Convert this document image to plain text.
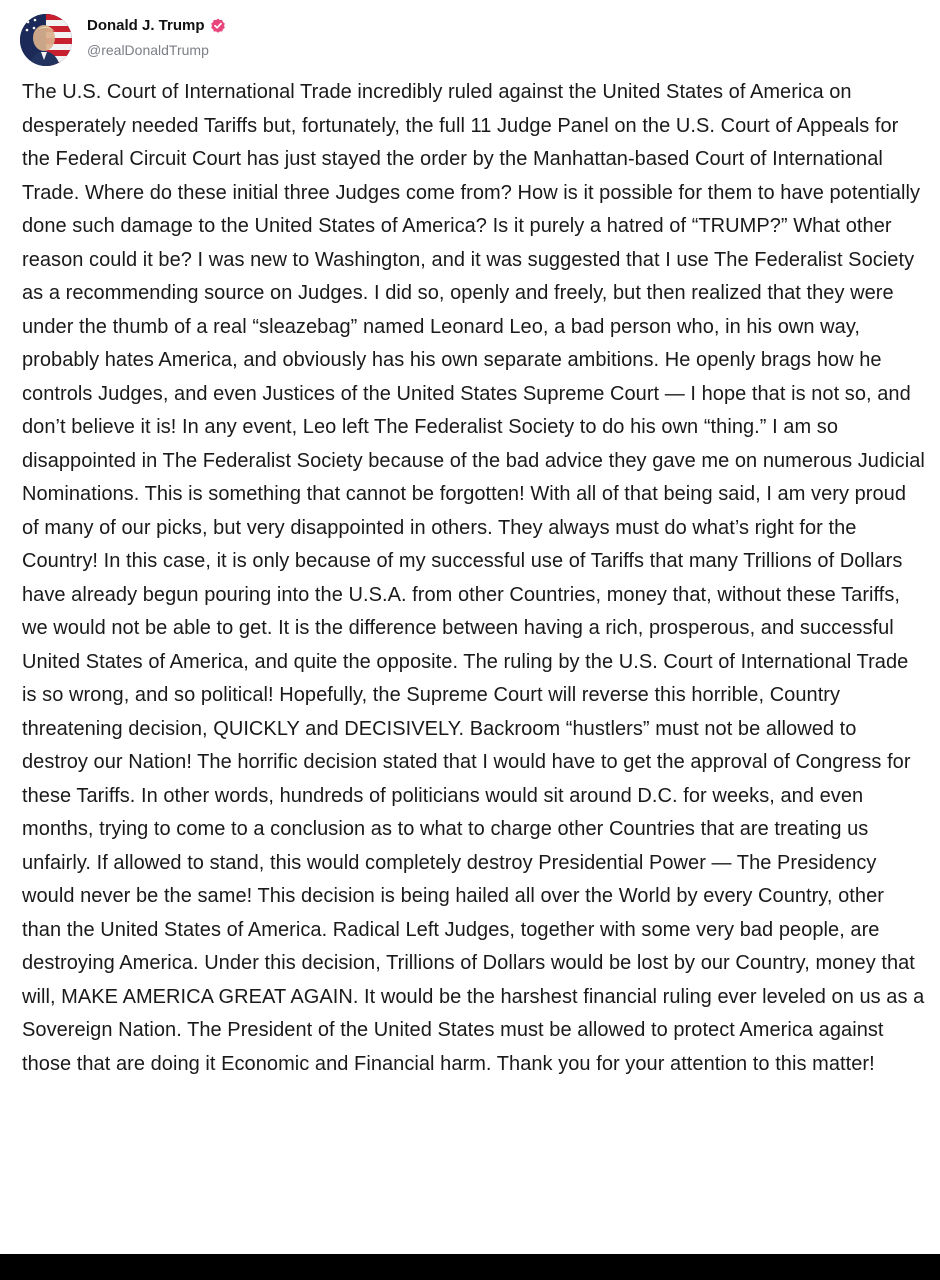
Donald J. Trump
@realDonaldTrump

The U.S. Court of International Trade incredibly ruled against the United States of America on desperately needed Tariffs but, fortunately, the full 11 Judge Panel on the U.S. Court of Appeals for the Federal Circuit Court has just stayed the order by the Manhattan-based Court of International Trade. Where do these initial three Judges come from? How is it possible for them to have potentially done such damage to the United States of America? Is it purely a hatred of “TRUMP?” What other reason could it be? I was new to Washington, and it was suggested that I use The Federalist Society as a recommending source on Judges. I did so, openly and freely, but then realized that they were under the thumb of a real “sleazebag” named Leonard Leo, a bad person who, in his own way, probably hates America, and obviously has his own separate ambitions. He openly brags how he controls Judges, and even Justices of the United States Supreme Court — I hope that is not so, and don’t believe it is! In any event, Leo left The Federalist Society to do his own “thing.” I am so disappointed in The Federalist Society because of the bad advice they gave me on numerous Judicial Nominations. This is something that cannot be forgotten! With all of that being said, I am very proud of many of our picks, but very disappointed in others. They always must do what’s right for the Country! In this case, it is only because of my successful use of Tariffs that many Trillions of Dollars have already begun pouring into the U.S.A. from other Countries, money that, without these Tariffs, we would not be able to get. It is the difference between having a rich, prosperous, and successful United States of America, and quite the opposite. The ruling by the U.S. Court of International Trade is so wrong, and so political! Hopefully, the Supreme Court will reverse this horrible, Country threatening decision, QUICKLY and DECISIVELY. Backroom “hustlers” must not be allowed to destroy our Nation! The horrific decision stated that I would have to get the approval of Congress for these Tariffs. In other words, hundreds of politicians would sit around D.C. for weeks, and even months, trying to come to a conclusion as to what to charge other Countries that are treating us unfairly. If allowed to stand, this would completely destroy Presidential Power — The Presidency would never be the same! This decision is being hailed all over the World by every Country, other than the United States of America. Radical Left Judges, together with some very bad people, are destroying America. Under this decision, Trillions of Dollars would be lost by our Country, money that will, MAKE AMERICA GREAT AGAIN. It would be the harshest financial ruling ever leveled on us as a Sovereign Nation. The President of the United States must be allowed to protect America against those that are doing it Economic and Financial harm. Thank you for your attention to this matter!
